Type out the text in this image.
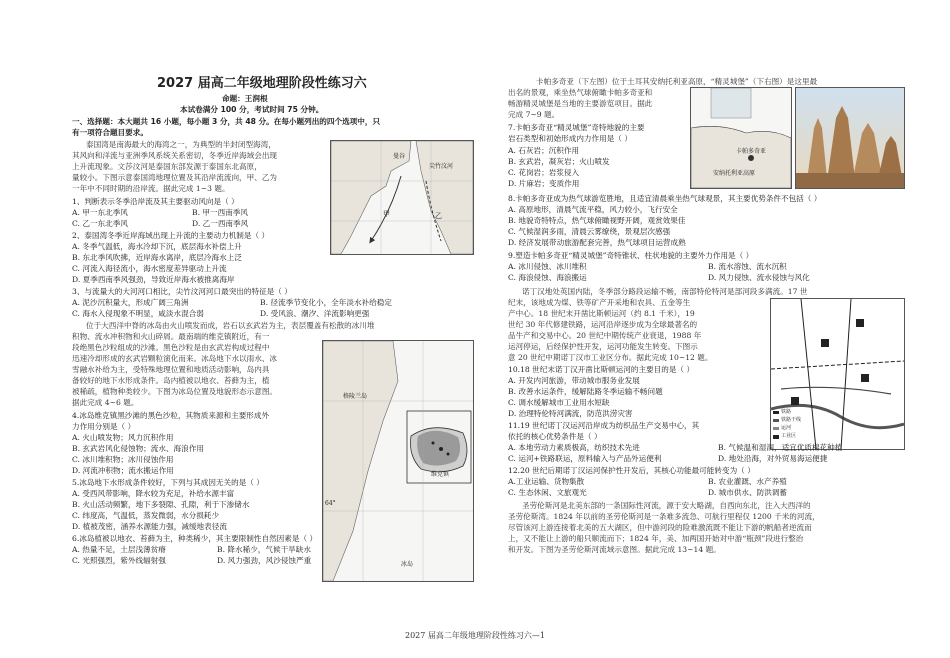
2027 届高二年级地理阶段性练习六
命题：王润根
本试卷满分 100 分，考试时间 75 分钟。
一、选择题：本大题共 16 小题，每小题 3 分，共 48 分。在每小题列出的四个选项中，只
有一项符合题目要求。
泰国湾是南海最大的海湾之一，为典型的半封闭型海湾，
其风向和洋流与亚洲季风系统关系密切，冬季近岸海域会出现
上升流现象。文莎汶河是泰国东部发源于泰国东北高原，
量较小。下图示意泰国湾地理位置及其沿岸流流向，甲、乙为
一年中不同时期的沿岸流。据此完成 1~3 题。
曼谷
尖竹汶河
甲	乙
1、判断表示冬季沿岸流及其主要驱动风向是（ ）
A. 甲一东北季风	B. 甲一西南季风
C. 乙一东北季风	D. 乙一西南季风
2、泰国湾冬季近岸海域出现上升流的主要动力机制是（ ）
A. 冬季气温低，海水冷却下沉，底层海水补偿上升
B. 东北季风吹拂，近岸海水离岸，底层冷海水上泛
C. 河流入海径流小，海水密度差异驱动上升流
D. 夏季西南季风强劲，导致近岸海水被推离海岸
3、与流量大的大河河口相比，尖竹汶河河口最突出的特征是（ ）
A. 泥沙沉积量大，形成广阔三角洲	B. 径流季节变化小，全年淡水补给稳定
C. 海水入侵现象不明显，咸淡水混合弱	D. 受风浪、潮汐、洋流影响更强
位于大西洋中脊的冰岛由火山喷发而成，岩石以玄武岩为主，表层覆盖有松散的冰川堆
积物、流水冲积物和火山碎屑。最南端的维克镇附近，有一
段绝黑色沙粒组成的沙滩。黑色沙粒是由玄武岩构成过程中
迅速冷却形成的玄武岩颗粒演化而来。冰岛地下水以雨水、冰
雪融水补给为主，受特殊地理位置和地质活动影响，岛内具
备较好的地下水形成条件。岛内植被以地衣、苔藓为主，植
被稀疏，植物种类较少。下图为冰岛位置及地貌形态示意图。
据此完成 4~6 题。
格陵兰岛
64°
冰岛
维克镇
4.冰岛维克镇黑沙滩的黑色沙粒，其物质来源和主要形成外
力作用分别是（ ）
A. 火山喷发物；风力沉积作用
B. 玄武岩风化侵蚀物；流水、海浪作用
C. 冰川堆积物；冰川侵蚀作用
D. 河流冲积物；流水搬运作用
5.冰岛地下水形成条件较好，下列与其成因无关的是（ ）
A. 受西风带影响，降水较为充足，补给水源丰富
B. 火山活动频繁，地下多裂隙、孔隙，利于下渗储水
C. 纬度高，气温低，蒸发微弱，水分损耗少
D. 植被茂密，涵养水源能力强，减缓地表径流
6.冰岛植被以地衣、苔藓为主，种类稀少，其主要限制性自然因素是（ ）
A. 热量不足，土层浅薄贫瘠	B. 降水稀少，气候干旱缺水
C. 光照强烈，紫外线辐射强	D. 风力强劲，风沙侵蚀严重
卡帕多奇亚（下左图）位于土耳其安纳托利亚高原，“精灵城堡”（下右图）是这里最
出名的景观，乘坐热气球俯瞰卡帕多奇亚和
畅游精灵城堡是当地的主要游览项目。据此
完成 7~9 题。
安纳托利亚高原
卡帕多奇亚
7.卡帕多奇亚“精灵城堡”奇特地貌的主要
岩石类型和初始形成内力作用是（ ）
A. 石灰岩；沉积作用
B. 玄武岩，凝灰岩；火山喷发
C. 花岗岩；岩浆侵入
D. 片麻岩；变质作用
8.卡帕多奇亚成为热气球游览胜地，且适宜清晨乘坐热气球观景，其主要优势条件不包括（ ）
A. 高原地形，清晨气流平稳，风力较小，飞行安全
B. 地貌奇特特点，热气球俯瞰视野开阔，观赏效果佳
C. 气候湿润多雨，清晨云雾缭绕，景观层次感强
D. 经济发展带动旅游配套完善，热气球项目运营成熟
9.塑造卡帕多奇亚“精灵城堡”奇特锥状、柱状地貌的主要外力作用是（ ）
A. 冰川侵蚀、冰川堆积	B. 流水溶蚀、流水沉积
C. 海浪侵蚀、海浪搬运	D. 风力侵蚀、流水侵蚀与风化
诺丁汉地处英国内陆，冬季部分路段运输不畅，南部特伦特河是部河段多满流。17 世
纪末，该地成为煤、铁等矿产开采地和农具、五金等生
产中心。18 世纪末开凿比斯顿运河（约 8.1 千米），19
世纪 30 年代修建铁路，运河沿岸逐步成为全球最著名的
品牛产和交易中心。20 世纪中期传统产业衰退，1988 年
运河停运，后经保护性开发，运河功能发生转变。下图示
意 20 世纪中期诺丁汉市工业区分布。据此完成 10~12 题。
铁路
铁路干线
运河
工业区
10.18 世纪末诺丁汉开凿比斯顿运河的主要目的是（ ）
A. 开发内河旅游，带动城市服务业发展
B. 改善水运条件，缓解陆路冬季运输不畅问题
C. 调水缓解城市工业用水短缺
D. 治理特伦特河满流，防范洪涝灾害
11.19 世纪诺丁汉运河沿岸成为纺织品生产交易中心，其
依托的核心优势条件是（ ）
A. 本地劳动力素质极高，纺织技术先进	B. 气候温和湿润，适宜优质棉花种植
C. 运河+铁路联运，原料输入与产品外运便利	D. 地处沿海，对外贸易海运便捷
12.20 世纪后期诺丁汉运河保护性开发后，其核心功能最可能转变为（ ）
A.工业运输、货物集散	B. 农业灌溉、水产养殖
C. 生态休闲、文旅观光	D. 城市供水、防洪调蓄
圣劳伦斯河是北美东部的一条国际性河流，源于安大略湖，自西向东北，注入大西洋的
圣劳伦斯湾。1824 年以前的圣劳伦斯河是一条难多流急、可航行里程仅 1200 千米的河流，
尽管该河上游连接着北美的五大湖区，但中游河段的险难激流既不能让下游的帆船者逆流而
上，又不能让上游的船只顺流而下；1824 年，美、加两国开始对中游“瓶颈”段进行整治
和开发。下图为圣劳伦斯河流域示意图。据此完成 13~14 题。
2027 届高二年级地理阶段性练习六—1
